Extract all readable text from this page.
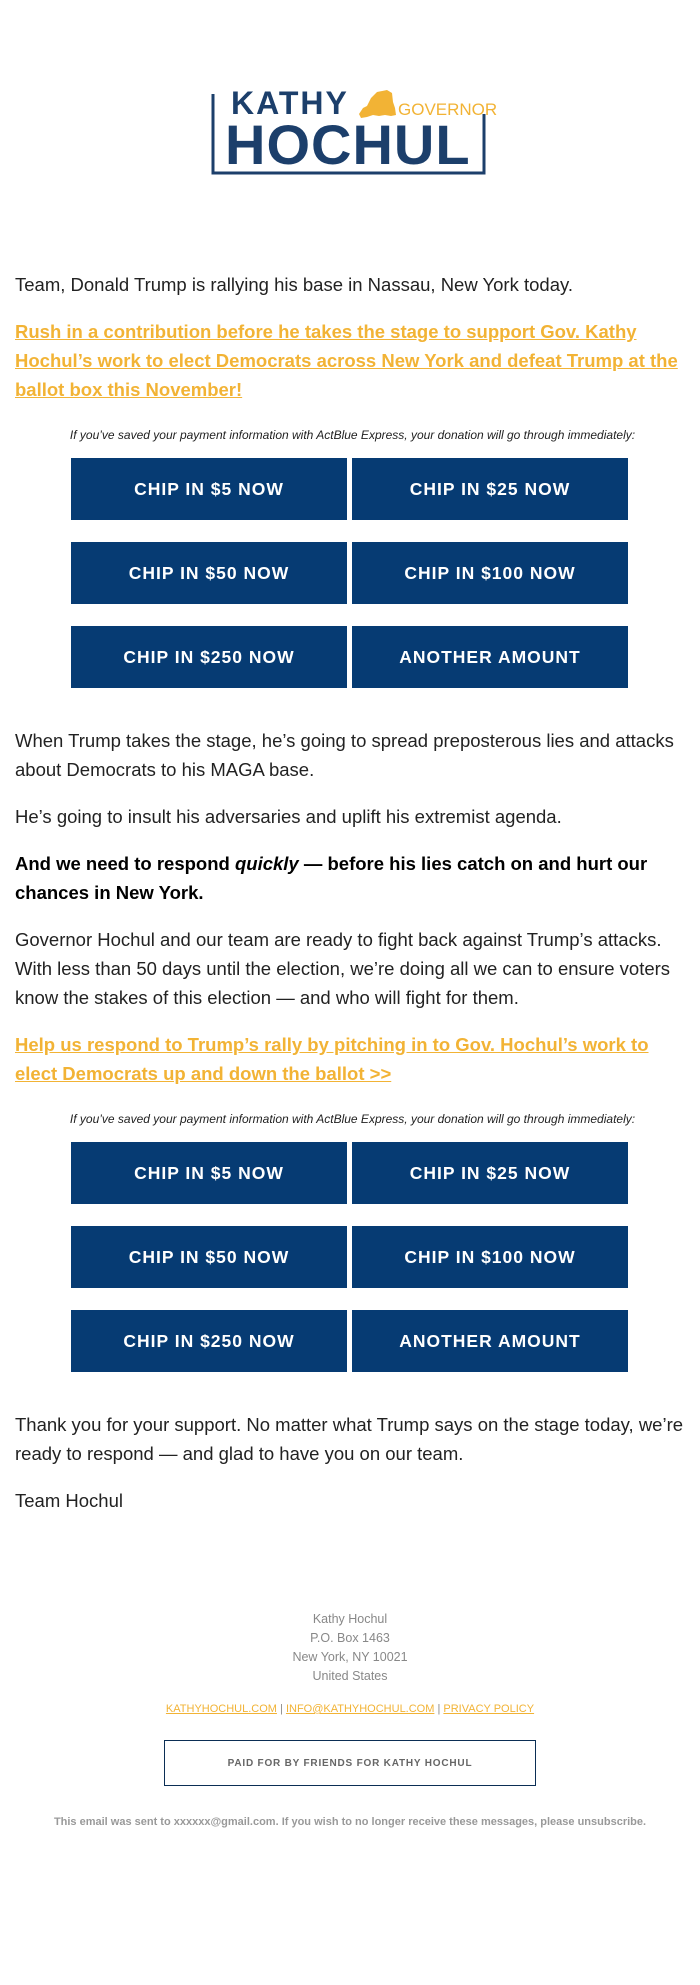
KATHY	GOVERNOR
HOCHUL

Team, Donald Trump is rallying his base in Nassau, New York today.

Rush in a contribution before he takes the stage to support Gov. Kathy Hochul’s work to elect Democrats across New York and defeat Trump at the ballot box this November!

If you’ve saved your payment information with ActBlue Express, your donation will go through immediately:

CHIP IN $5 NOW	CHIP IN $25 NOW
CHIP IN $50 NOW	CHIP IN $100 NOW
CHIP IN $250 NOW	ANOTHER AMOUNT

When Trump takes the stage, he’s going to spread preposterous lies and attacks about Democrats to his MAGA base.

He’s going to insult his adversaries and uplift his extremist agenda.

And we need to respond quickly — before his lies catch on and hurt our chances in New York.

Governor Hochul and our team are ready to fight back against Trump’s attacks. With less than 50 days until the election, we’re doing all we can to ensure voters know the stakes of this election — and who will fight for them.

Help us respond to Trump’s rally by pitching in to Gov. Hochul’s work to elect Democrats up and down the ballot >>

If you’ve saved your payment information with ActBlue Express, your donation will go through immediately:

CHIP IN $5 NOW	CHIP IN $25 NOW
CHIP IN $50 NOW	CHIP IN $100 NOW
CHIP IN $250 NOW	ANOTHER AMOUNT

Thank you for your support. No matter what Trump says on the stage today, we’re ready to respond — and glad to have you on our team.

Team Hochul

Kathy Hochul
P.O. Box 1463
New York, NY 10021
United States
KATHYHOCHUL.COM | INFO@KATHYHOCHUL.COM | PRIVACY POLICY
PAID FOR BY FRIENDS FOR KATHY HOCHUL
This email was sent to xxxxxx@gmail.com. If you wish to no longer receive these messages, please unsubscribe.
